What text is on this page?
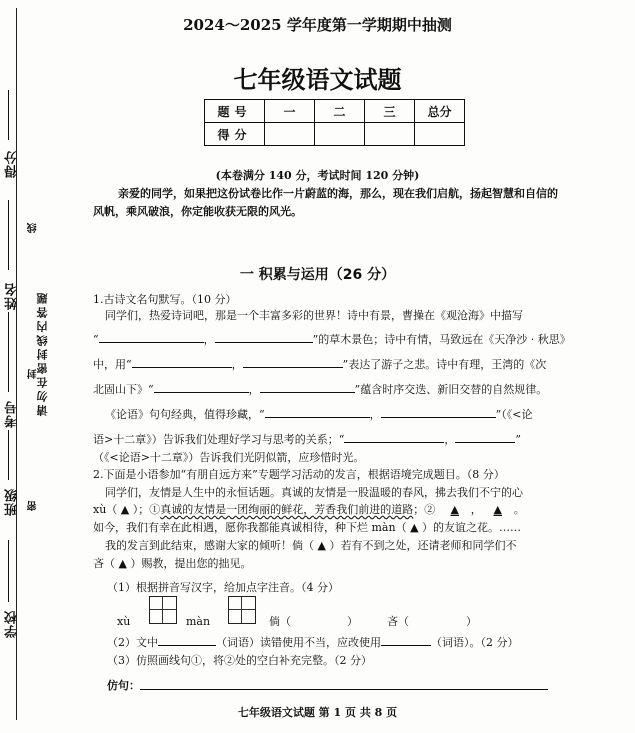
得分
线
姓名 请勿在密封线内答题
封
考号
密
班级
学校
2024～2025 学年度第一学期期中抽测
七年级语文试题
题号	一	二	三	总分
得分				
(本卷满分 140 分，考试时间 120 分钟)
亲爱的同学，如果把这份试卷比作一片蔚蓝的海，那么，现在我们启航，扬起智慧和自信的
风帆，乘风破浪，你定能收获无限的风光。
一 积累与运用（26 分）
1.古诗文名句默写。（10 分）
同学们，热爱诗词吧，那是一个丰富多彩的世界！诗中有景，曹操在《观沧海》中描写
“	，	”的草木景色；诗中有情，马致远在《天净沙 · 秋思》
中，用“	，	”表达了游子之悲。诗中有理，王湾的《次
北固山下》“	，	”蕴含时序交迭、新旧交替的自然规律。
《论语》句句经典，值得珍藏，“	，	”（《<论
语>十二章》）告诉我们处理好学习与思考的关系；“	，	”
（《<论语>十二章》）告诉我们光阴似箭，应珍惜时光。
2.下面是小语参加“有朋自远方来”专题学习活动的发言，根据语境完成题目。（8 分）
同学们，友情是人生中的永恒话题。真诚的友情是一股温暖的春风，拂去我们不宁的心
xù（ ▲ ）；①真诚的友情是一团绚丽的鲜花，芳香我们前进的道路；② ▲ ， ▲ 。
如今，我们有幸在此相遇，愿你我都能真诚相待，种下烂 màn（ ▲ ）的友谊之花。……
我的发言到此结束，感谢大家的倾听！倘（ ▲ ）若有不到之处，还请老师和同学们不
吝（ ▲ ）赐教，提出您的拙见。
（1）根据拼音写汉字，给加点字注音。（4 分）
xù	màn	倘（	）	吝（	）
（2）文中	（词语）读错使用不当，应改使用	（词语）。（2 分）
（3）仿照画线句①，将②处的空白补充完整。（2 分）
仿句：
七年级语文试题 第 1 页 共 8 页
